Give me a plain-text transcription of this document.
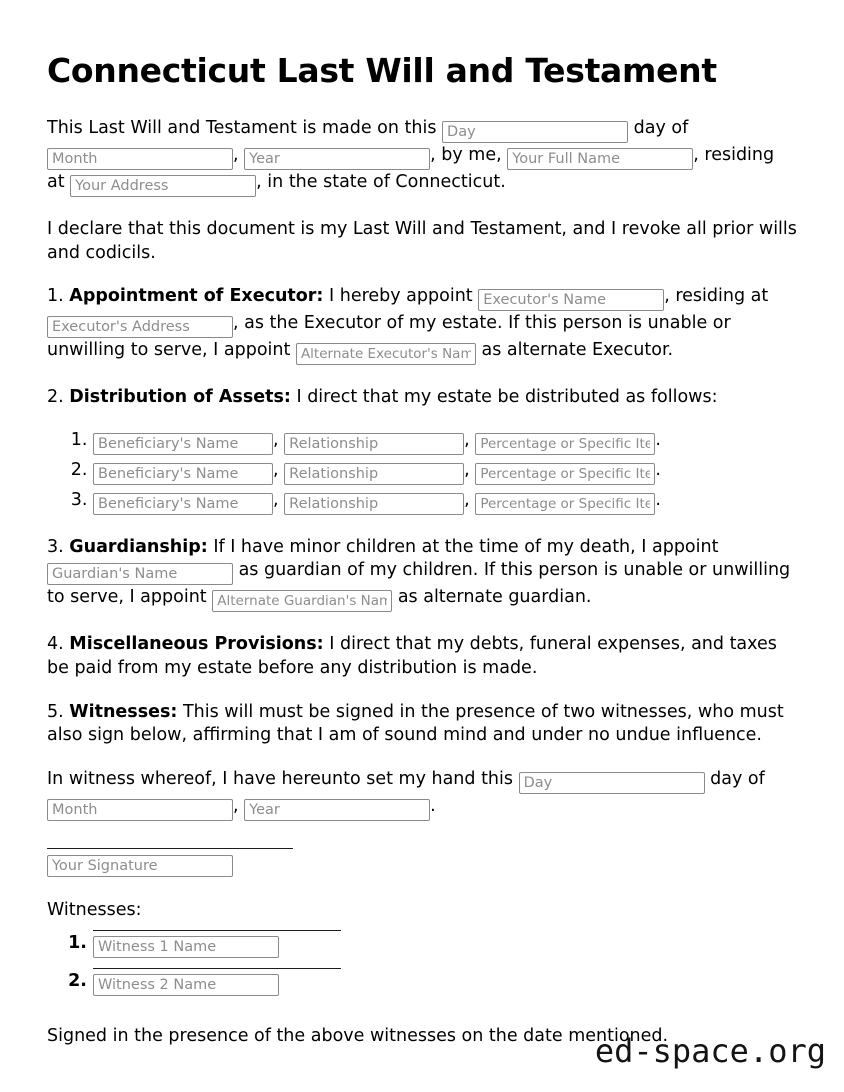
Connecticut Last Will and Testament

This Last Will and Testament is made on this Day	day of Month, Year	, by me, Your Full Name	, residing at Your Address	, in the state of Connecticut.

I declare that this document is my Last Will and Testament, and I revoke all prior wills and codicils.

1. Appointment of Executor: I hereby appoint Executor's Name	, residing at Executor's Address, as the Executor of my estate. If this person is unable or unwilling to serve, I appoint Alternate Executor's Name	as alternate Executor.

2. Distribution of Assets: I direct that my estate be distributed as follows:

Beneficiary's Name 1. , Relationship	, Percentage or Specific Item	.
Beneficiary's Name 2. , Relationship	, Percentage or Specific Item	.
Beneficiary's Name 3. , Relationship	, Percentage or Specific Item	.

3. Guardianship: If I have minor children at the time of my death, I appoint Guardian's Name as guardian of my children. If this person is unable or unwilling to serve, I appoint Alternate Guardian's Name	as alternate guardian.

4. Miscellaneous Provisions: I direct that my debts, funeral expenses, and taxes be paid from my estate before any distribution is made.

5. Witnesses: This will must be signed in the presence of two witnesses, who must also sign below, affirming that I am of sound mind and under no undue influence.

In witness whereof, I have hereunto set my hand this Day	day of Month, Year	.

Your Signature
Witnesses:
1.
Witness 1 Name
2.
Witness 2 Name

Signed in the presence of the above witnesses on the date mentioned.

ed-space.org
